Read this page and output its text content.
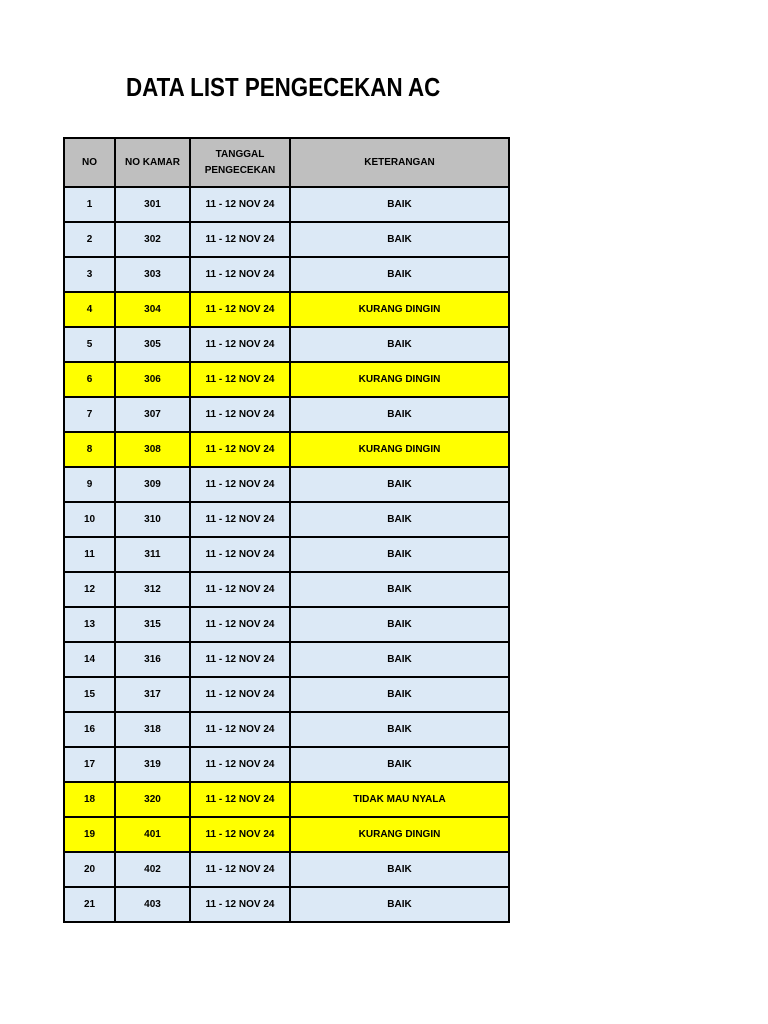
DATA LIST PENGECEKAN AC
NO	NO KAMAR	TANGGAL PENGECEKAN	KETERANGAN
1	301	11 - 12 NOV 24	BAIK
2	302	11 - 12 NOV 24	BAIK
3	303	11 - 12 NOV 24	BAIK
4	304	11 - 12 NOV 24	KURANG DINGIN
5	305	11 - 12 NOV 24	BAIK
6	306	11 - 12 NOV 24	KURANG DINGIN
7	307	11 - 12 NOV 24	BAIK
8	308	11 - 12 NOV 24	KURANG DINGIN
9	309	11 - 12 NOV 24	BAIK
10	310	11 - 12 NOV 24	BAIK
11	311	11 - 12 NOV 24	BAIK
12	312	11 - 12 NOV 24	BAIK
13	315	11 - 12 NOV 24	BAIK
14	316	11 - 12 NOV 24	BAIK
15	317	11 - 12 NOV 24	BAIK
16	318	11 - 12 NOV 24	BAIK
17	319	11 - 12 NOV 24	BAIK
18	320	11 - 12 NOV 24	TIDAK MAU NYALA
19	401	11 - 12 NOV 24	KURANG DINGIN
20	402	11 - 12 NOV 24	BAIK
21	403	11 - 12 NOV 24	BAIK
